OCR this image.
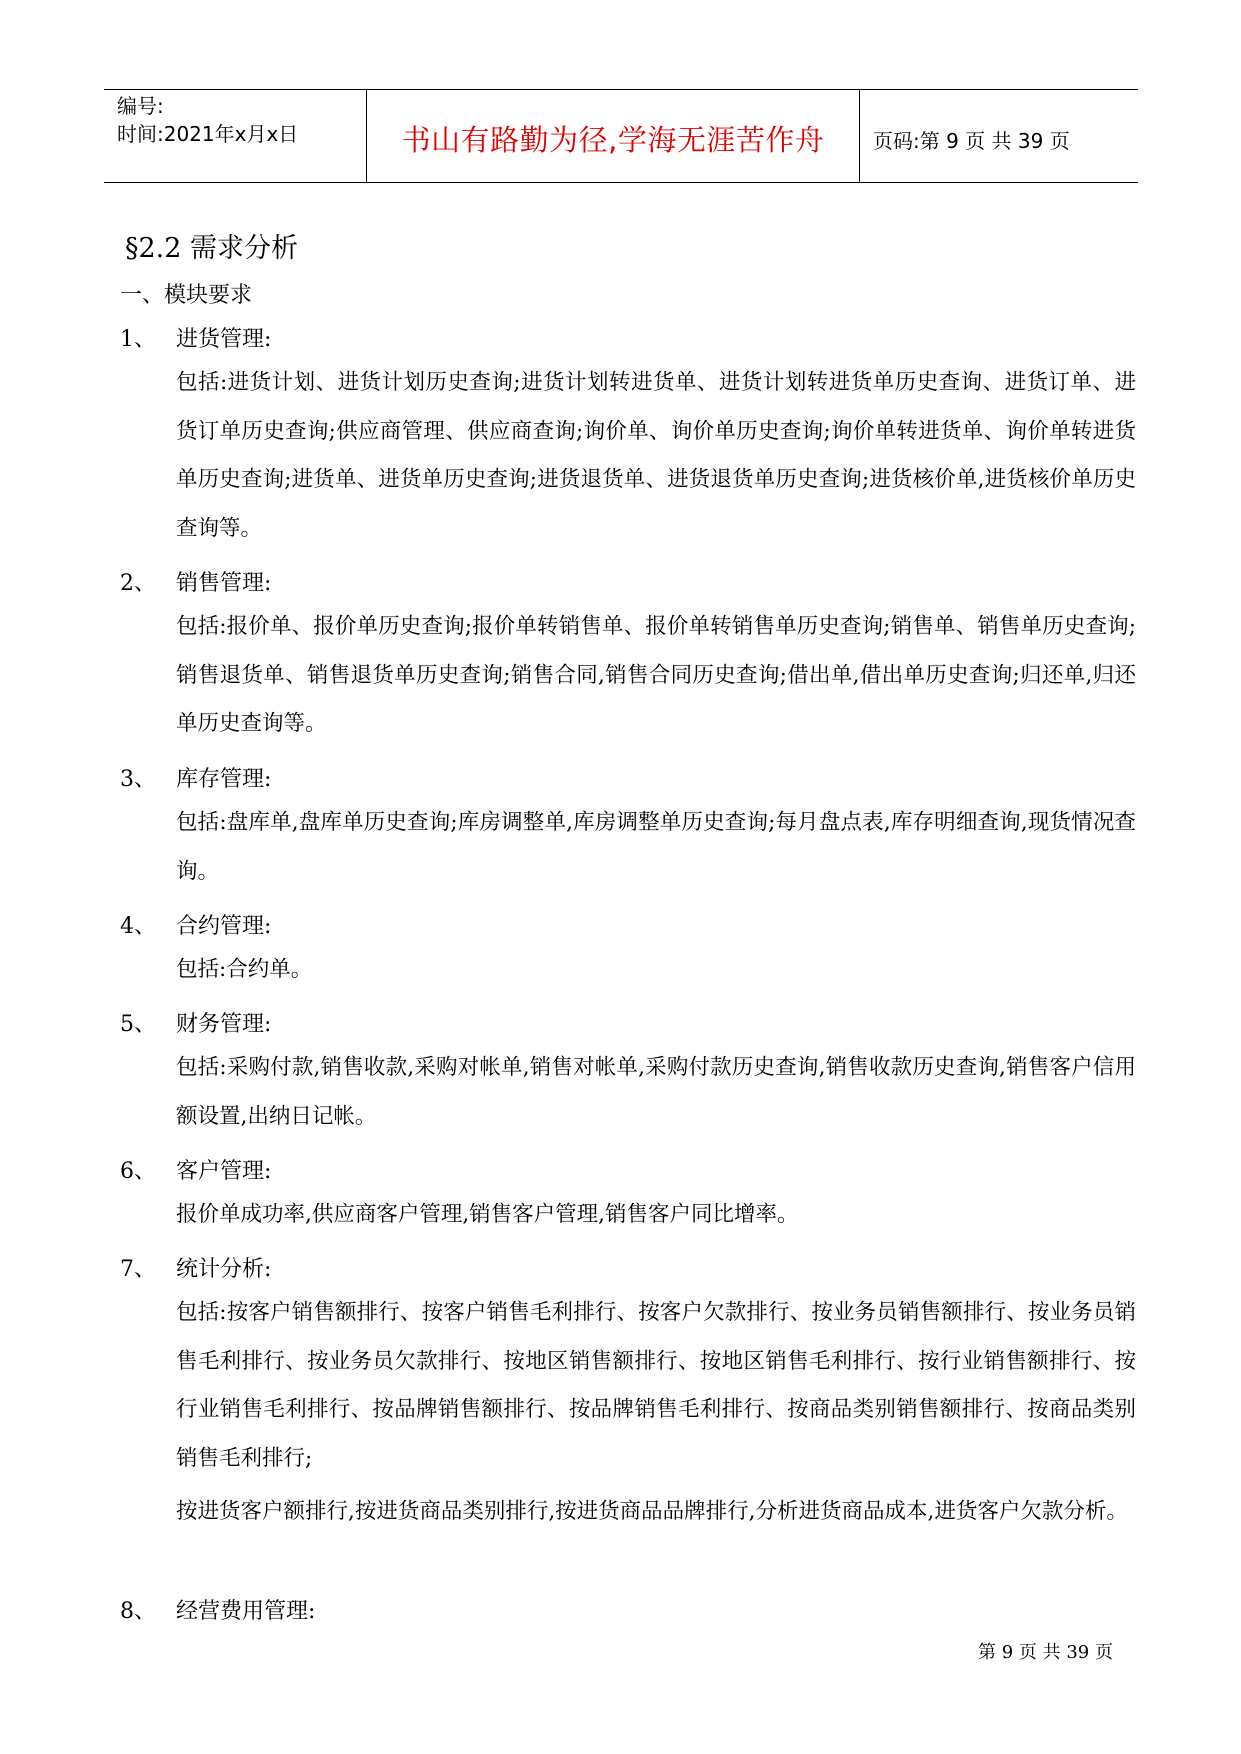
编号:
时间:2021年x月x日	书山有路勤为径,学海无涯苦作舟	页码:第 9 页 共 39 页
§2.2 需求分析
一、模块要求
1、 进货管理:
包括:进货计划、进货计划历史查询;进货计划转进货单、进货计划转进货单历史查询、进货订单、进货订单历史查询;供应商管理、供应商查询;询价单、询价单历史查询;询价单转进货单、询价单转进货单历史查询;进货单、进货单历史查询;进货退货单、进货退货单历史查询;进货核价单,进货核价单历史查询等。
2、 销售管理:
包括:报价单、报价单历史查询;报价单转销售单、报价单转销售单历史查询;销售单、销售单历史查询;销售退货单、销售退货单历史查询;销售合同,销售合同历史查询;借出单,借出单历史查询;归还单,归还单历史查询等。
3、 库存管理:
包括:盘库单,盘库单历史查询;库房调整单,库房调整单历史查询;每月盘点表,库存明细查询,现货情况查询。
4、 合约管理:
包括:合约单。
5、 财务管理:
包括:采购付款,销售收款,采购对帐单,销售对帐单,采购付款历史查询,销售收款历史查询,销售客户信用额设置,出纳日记帐。
6、 客户管理:
报价单成功率,供应商客户管理,销售客户管理,销售客户同比增率。
7、 统计分析:
包括:按客户销售额排行、按客户销售毛利排行、按客户欠款排行、按业务员销售额排行、按业务员销售毛利排行、按业务员欠款排行、按地区销售额排行、按地区销售毛利排行、按行业销售额排行、按行业销售毛利排行、按品牌销售额排行、按品牌销售毛利排行、按商品类别销售额排行、按商品类别销售毛利排行;
按进货客户额排行,按进货商品类别排行,按进货商品品牌排行,分析进货商品成本,进货客户欠款分析。
8、 经营费用管理:
第 9 页 共 39 页
